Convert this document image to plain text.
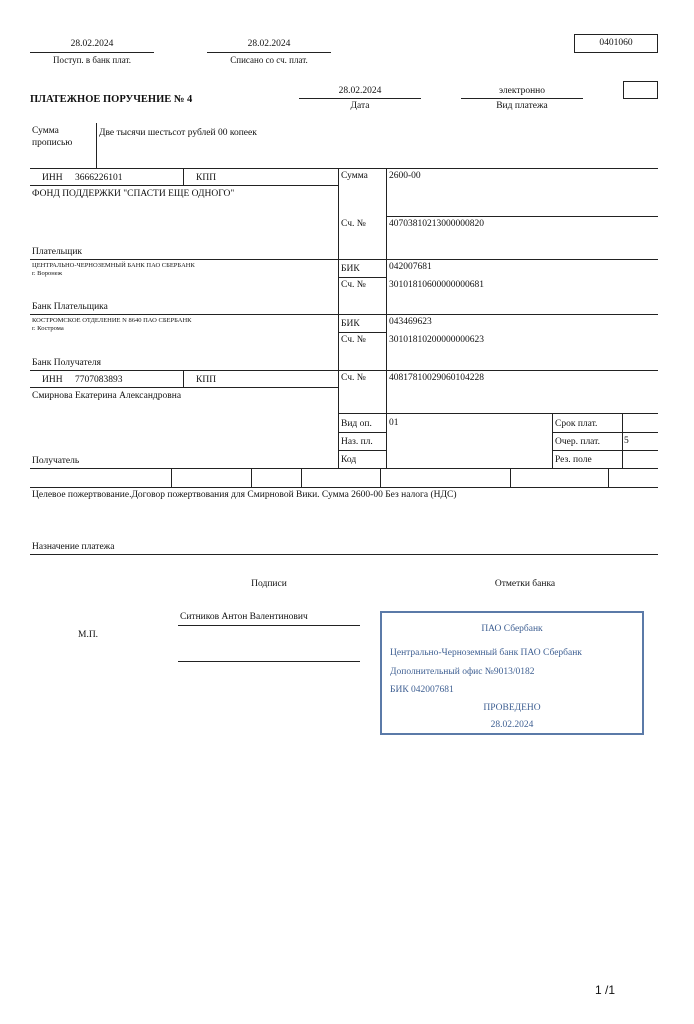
28.02.2024
Поступ. в банк плат.
28.02.2024
Списано со сч. плат.
0401060
ПЛАТЕЖНОЕ ПОРУЧЕНИЕ № 4
28.02.2024
Дата
электронно
Вид платежа
Сумма
прописью
Две тысячи шестьсот рублей 00 копеек
ИНН 3666226101	КПП
ФОНД ПОДДЕРЖКИ "СПАСТИ ЕЩЕ ОДНОГО"
Плательщик
Сумма 2600-00
Сч. № 40703810213000000820
ЦЕНТРАЛЬНО-ЧЕРНОЗЕМНЫЙ БАНК ПАО СБЕРБАНК
г. Воронеж
Банк Плательщика
БИК	042007681
Сч. № 30101810600000000681
КОСТРОМСКОЕ ОТДЕЛЕНИЕ N 8640 ПАО СБЕРБАНК
г. Кострома
Банк Получателя
БИК	043469623
Сч. № 30101810200000000623
ИНН 7707083893	КПП
Смирнова Екатерина Александровна
Получатель
Сч. № 40817810029060104228
Вид оп. 01
Наз. пл.
Код
Срок плат.
Очер. плат.	5
Рез. поле
Целевое пожертвование.Договор пожертвования для Смирновой Вики. Сумма 2600-00 Без налога (НДС)
Назначение платежа
Подписи	Отметки банка
Ситников Антон Валентинович
М.П.
ПАО Сбербанк
Центрально-Черноземный банк ПАО Сбербанк
Дополнительный офис №9013/0182
БИК 042007681
ПРОВЕДЕНО
28.02.2024
1 /1
